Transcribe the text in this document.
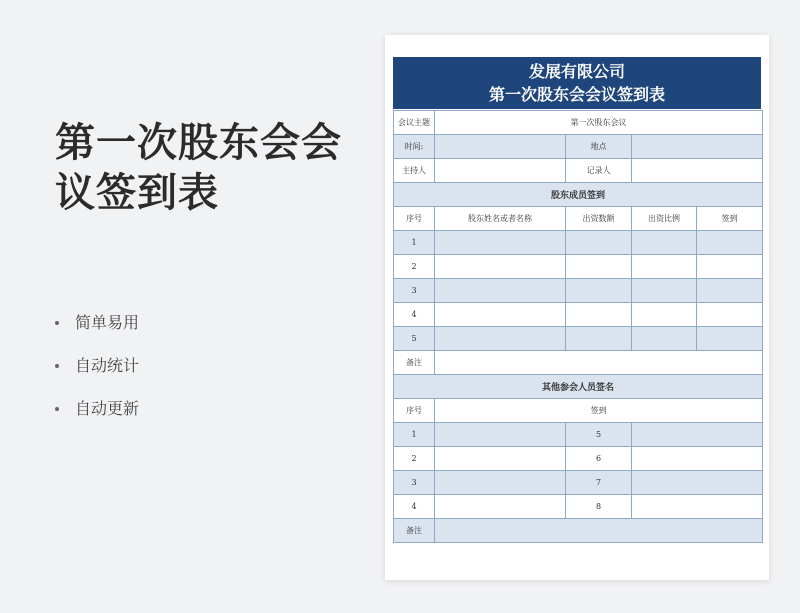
第一次股东会会议签到表
简单易用
自动统计
自动更新
发展有限公司
第一次股东会会议签到表
会议主题	第一次股东会议			
时间:		地点		
主持人		记录人		
股东成员签到				
序号	股东姓名或者名称	出资数额	出资比例	签到
1				
2				
3				
4				
5				
备注				
其他参会人员签名				
序号	签到			
1		5		
2		6		
3		7		
4		8		
备注				
